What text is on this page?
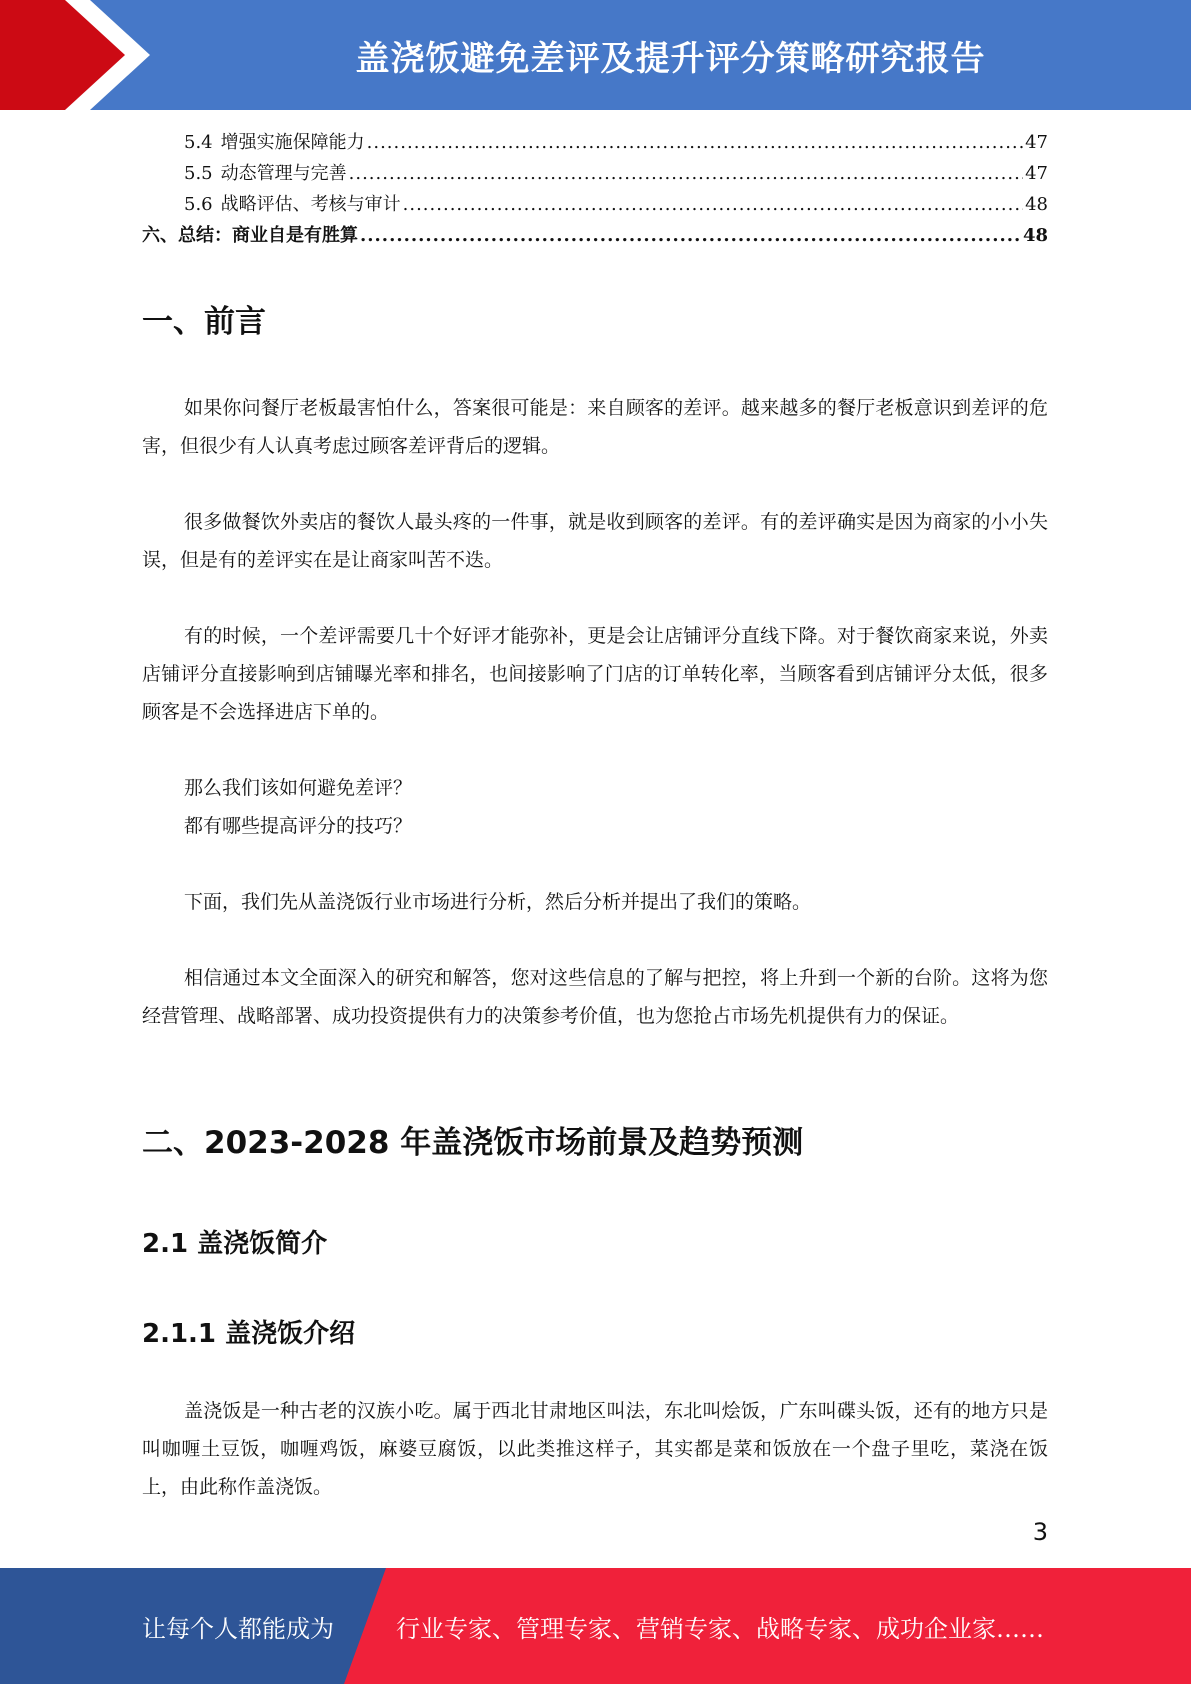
盖浇饭避免差评及提升评分策略研究报告
5.4 增强实施保障能力 .....	47
5.5 动态管理与完善 .....	47
5.6 战略评估、考核与审计 .....	48
六、 总结：商业自是有胜算 .....	48
一、前言

如果你问餐厅老板最害怕什么，答案很可能是：来自顾客的差评。越来越多的餐厅老板意识到差评的危害，但很少有人认真考虑过顾客差评背后的逻辑。

很多做餐饮外卖店的餐饮人最头疼的一件事，就是收到顾客的差评。有的差评确实是因为商家的小小失误，但是有的差评实在是让商家叫苦不迭。

有的时候，一个差评需要几十个好评才能弥补，更是会让店铺评分直线下降。对于餐饮商家来说，外卖店铺评分直接影响到店铺曝光率和排名，也间接影响了门店的订单转化率，当顾客看到店铺评分太低，很多顾客是不会选择进店下单的。

那么我们该如何避免差评？

都有哪些提高评分的技巧？

下面，我们先从盖浇饭行业市场进行分析，然后分析并提出了我们的策略。

相信通过本文全面深入的研究和解答，您对这些信息的了解与把控，将上升到一个新的台阶。这将为您经营管理、战略部署、成功投资提供有力的决策参考价值，也为您抢占市场先机提供有力的保证。

二、2023-2028 年盖浇饭市场前景及趋势预测
2.1 盖浇饭简介
2.1.1 盖浇饭介绍

盖浇饭是一种古老的汉族小吃。属于西北甘肃地区叫法，东北叫烩饭，广东叫碟头饭，还有的地方只是叫咖喱土豆饭，咖喱鸡饭，麻婆豆腐饭，以此类推这样子，其实都是菜和饭放在一个盘子里吃，菜浇在饭上，由此称作盖浇饭。

3
让每个人都能成为	行业专家、管理专家、营销专家、战略专家、成功企业家……
